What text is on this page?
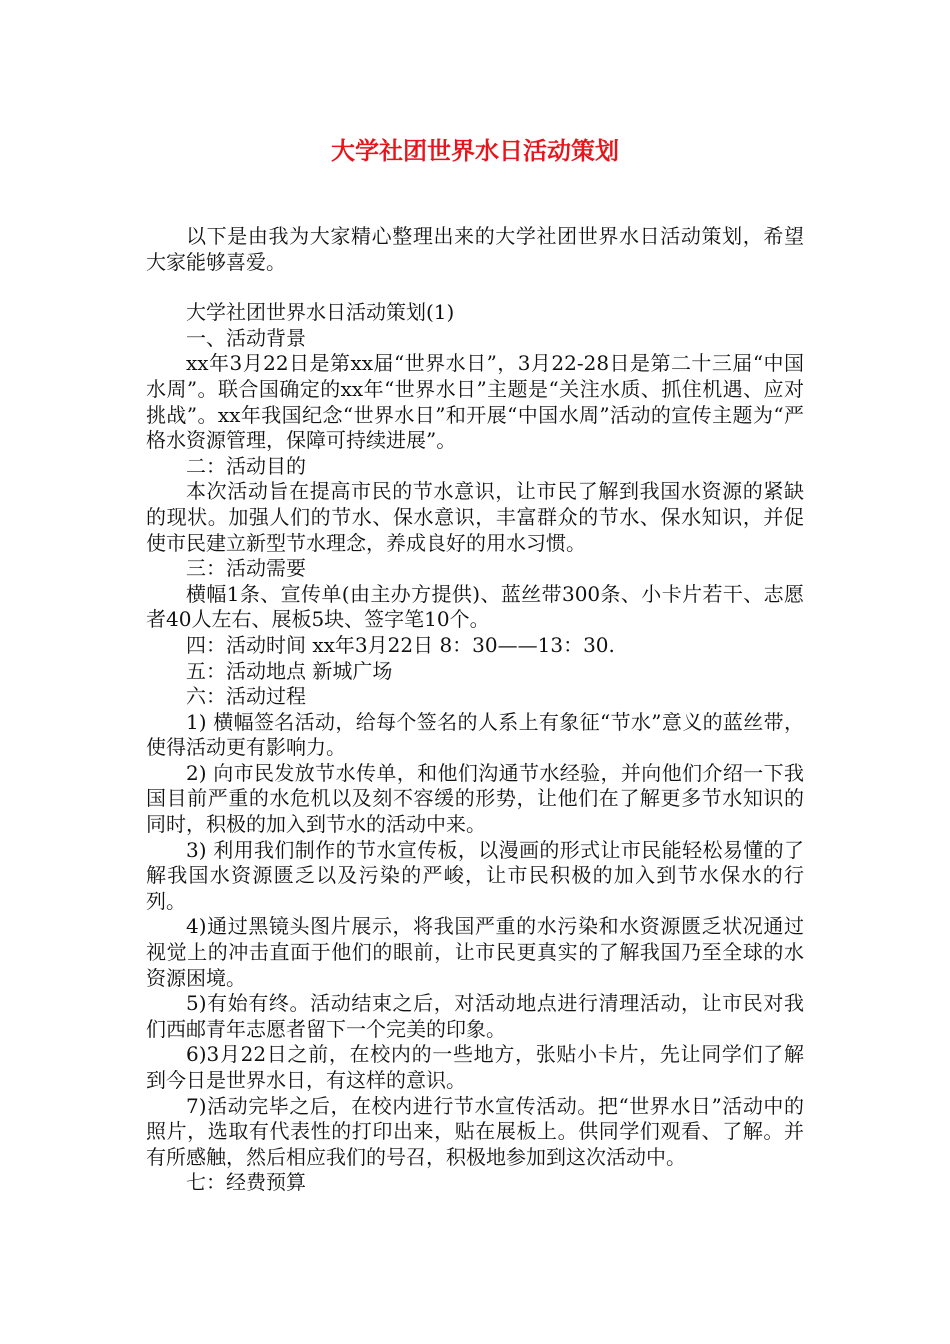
大学社团世界水日活动策划

以下是由我为大家精心整理出来的大学社团世界水日活动策划，希望大家能够喜爱。

大学社团世界水日活动策划(1)

一、活动背景

xx年3月22日是第xx届“世界水日”，3月22-28日是第二十三届“中国水周”。联合国确定的xx年“世界水日”主题是“关注水质、抓住机遇、应对挑战”。xx年我国纪念“世界水日”和开展“中国水周”活动的宣传主题为“严格水资源管理，保障可持续进展”。

二：活动目的

本次活动旨在提高市民的节水意识，让市民了解到我国水资源的紧缺的现状。加强人们的节水、保水意识，丰富群众的节水、保水知识，并促使市民建立新型节水理念，养成良好的用水习惯。

三：活动需要

横幅1条、宣传单(由主办方提供)、蓝丝带300条、小卡片若干、志愿者40人左右、展板5块、签字笔10个。

四：活动时间 xx年3月22日 8：30——13：30.

五：活动地点 新城广场

六：活动过程

1) 横幅签名活动，给每个签名的人系上有象征“节水”意义的蓝丝带，使得活动更有影响力。

2) 向市民发放节水传单，和他们沟通节水经验，并向他们介绍一下我国目前严重的水危机以及刻不容缓的形势，让他们在了解更多节水知识的同时，积极的加入到节水的活动中来。

3) 利用我们制作的节水宣传板，以漫画的形式让市民能轻松易懂的了解我国水资源匮乏以及污染的严峻，让市民积极的加入到节水保水的行列。

4)通过黑镜头图片展示，将我国严重的水污染和水资源匮乏状况通过视觉上的冲击直面于他们的眼前，让市民更真实的了解我国乃至全球的水资源困境。

5)有始有终。活动结束之后，对活动地点进行清理活动，让市民对我们西邮青年志愿者留下一个完美的印象。

6)3月22日之前，在校内的一些地方，张贴小卡片，先让同学们了解到今日是世界水日，有这样的意识。

7)活动完毕之后，在校内进行节水宣传活动。把“世界水日”活动中的照片，选取有代表性的打印出来，贴在展板上。供同学们观看、了解。并有所感触，然后相应我们的号召，积极地参加到这次活动中。

七：经费预算
